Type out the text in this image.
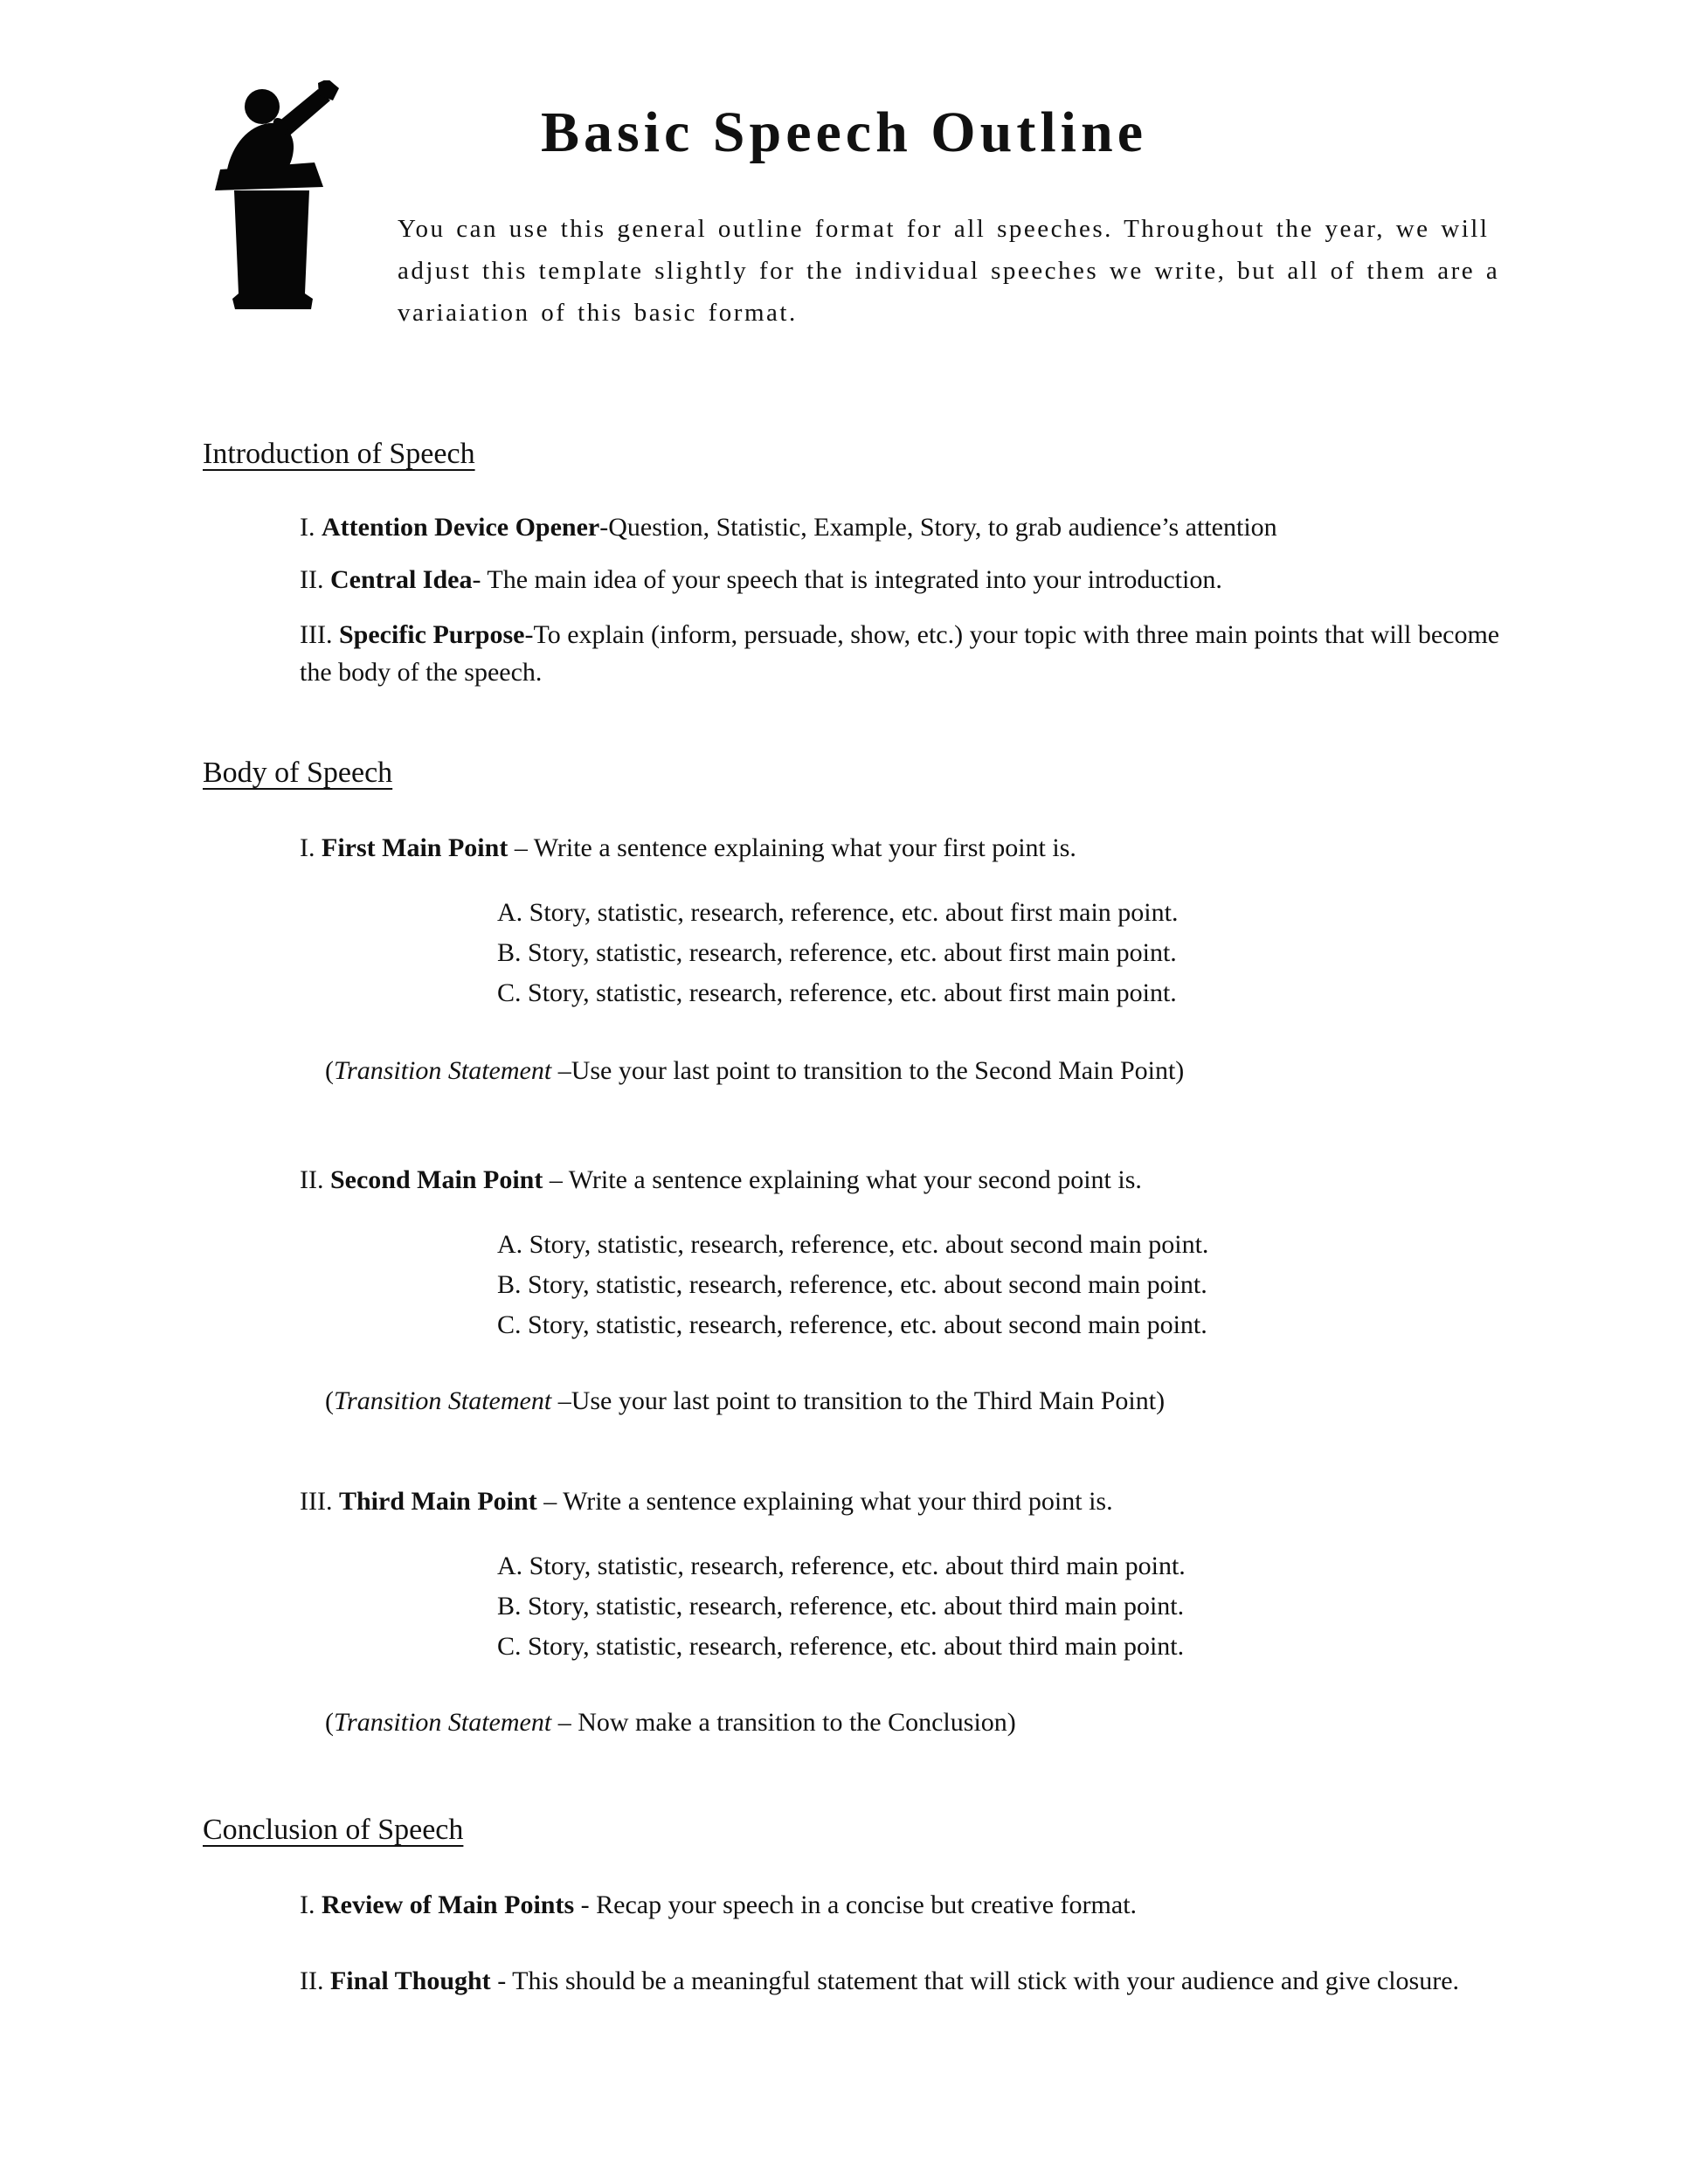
Basic Speech Outline

You can use this general outline format for all speeches. Throughout the year, we will adjust this template slightly for the individual speeches we write, but all of them are a variaiation of this basic format.

Introduction of Speech

I. Attention Device Opener-Question, Statistic, Example, Story, to grab audience’s attention

II. Central Idea- The main idea of your speech that is integrated into your introduction.

III. Specific Purpose-To explain (inform, persuade, show, etc.) your topic with three main points that will become the body of the speech.

Body of Speech

I. First Main Point – Write a sentence explaining what your first point is.

A. Story, statistic, research, reference, etc. about first main point.

B. Story, statistic, research, reference, etc. about first main point.

C. Story, statistic, research, reference, etc. about first main point.

(Transition Statement –Use your last point to transition to the Second Main Point)

II. Second Main Point – Write a sentence explaining what your second point is.

A. Story, statistic, research, reference, etc. about second main point.

B. Story, statistic, research, reference, etc. about second main point.

C. Story, statistic, research, reference, etc. about second main point.

(Transition Statement –Use your last point to transition to the Third Main Point)

III. Third Main Point – Write a sentence explaining what your third point is.

A. Story, statistic, research, reference, etc. about third main point.

B. Story, statistic, research, reference, etc. about third main point.

C. Story, statistic, research, reference, etc. about third main point.

(Transition Statement – Now make a transition to the Conclusion)

Conclusion of Speech

I. Review of Main Points - Recap your speech in a concise but creative format.

II. Final Thought - This should be a meaningful statement that will stick with your audience and give closure.
